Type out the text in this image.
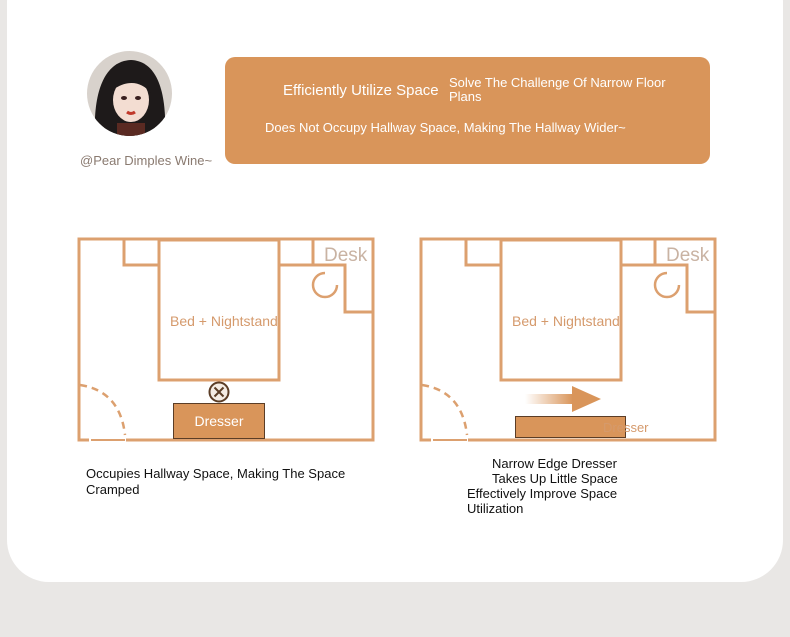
@Pear Dimples Wine~
Efficiently Utilize Space Solve The Challenge Of Narrow Floor Plans
Does Not Occupy Hallway Space, Making The Hallway Wider~
Bed + Nightstand
Desk
Dresser
Occupies Hallway Space, Making The Space Cramped
Bed + Nightstand
Desk
Dresser
Narrow Edge Dresser
Takes Up Little Space
Effectively Improve Space Utilization
